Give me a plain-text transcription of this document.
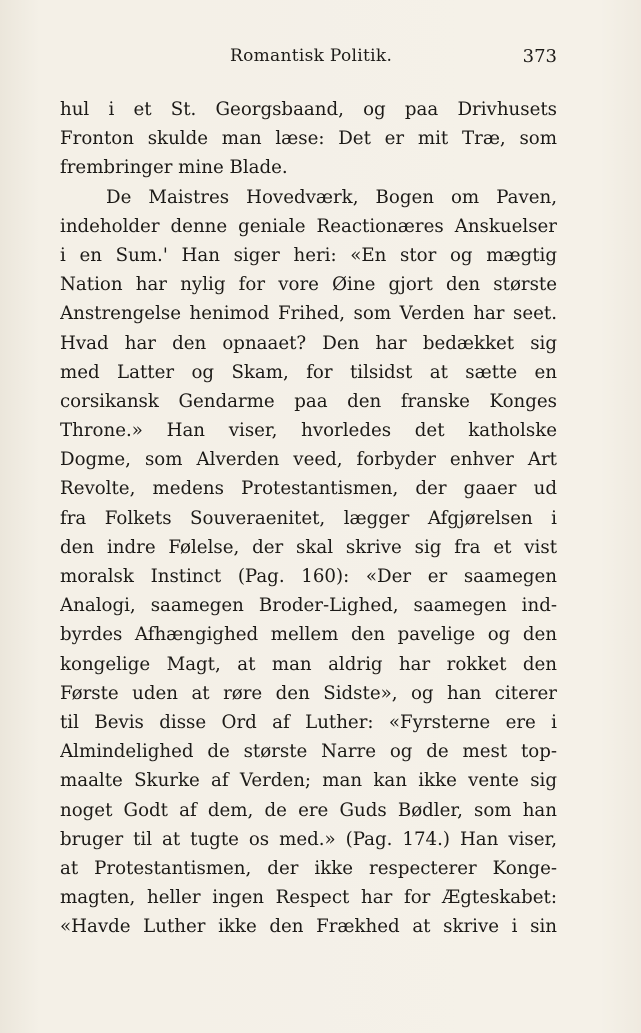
Romantisk Politik.	373
hul i et St. Georgsbaand, og paa Drivhusets
Fronton skulde man læse: Det er mit Træ, som
frembringer mine Blade.
De Maistres Hovedværk, Bogen om Paven,
indeholder denne geniale Reactionæres Anskuelser
i en Sum.' Han siger heri: «En stor og mægtig
Nation har nylig for vore Øine gjort den største
Anstrengelse henimod Frihed, som Verden har seet.
Hvad har den opnaaet? Den har bedækket sig
med Latter og Skam, for tilsidst at sætte en
corsikansk Gendarme paa den franske Konges
Throne.» Han viser, hvorledes det katholske
Dogme, som Alverden veed, forbyder enhver Art
Revolte, medens Protestantismen, der gaaer ud
fra Folkets Souveraenitet, lægger Afgjørelsen i
den indre Følelse, der skal skrive sig fra et vist
moralsk Instinct (Pag. 160): «Der er saamegen
Analogi, saamegen Broder-Lighed, saamegen ind-
byrdes Afhængighed mellem den pavelige og den
kongelige Magt, at man aldrig har rokket den
Første uden at røre den Sidste», og han citerer
til Bevis disse Ord af Luther: «Fyrsterne ere i
Almindelighed de største Narre og de mest top-
maalte Skurke af Verden; man kan ikke vente sig
noget Godt af dem, de ere Guds Bødler, som han
bruger til at tugte os med.» (Pag. 174.) Han viser,
at Protestantismen, der ikke respecterer Konge-
magten, heller ingen Respect har for Ægteskabet:
«Havde Luther ikke den Frækhed at skrive i sin
